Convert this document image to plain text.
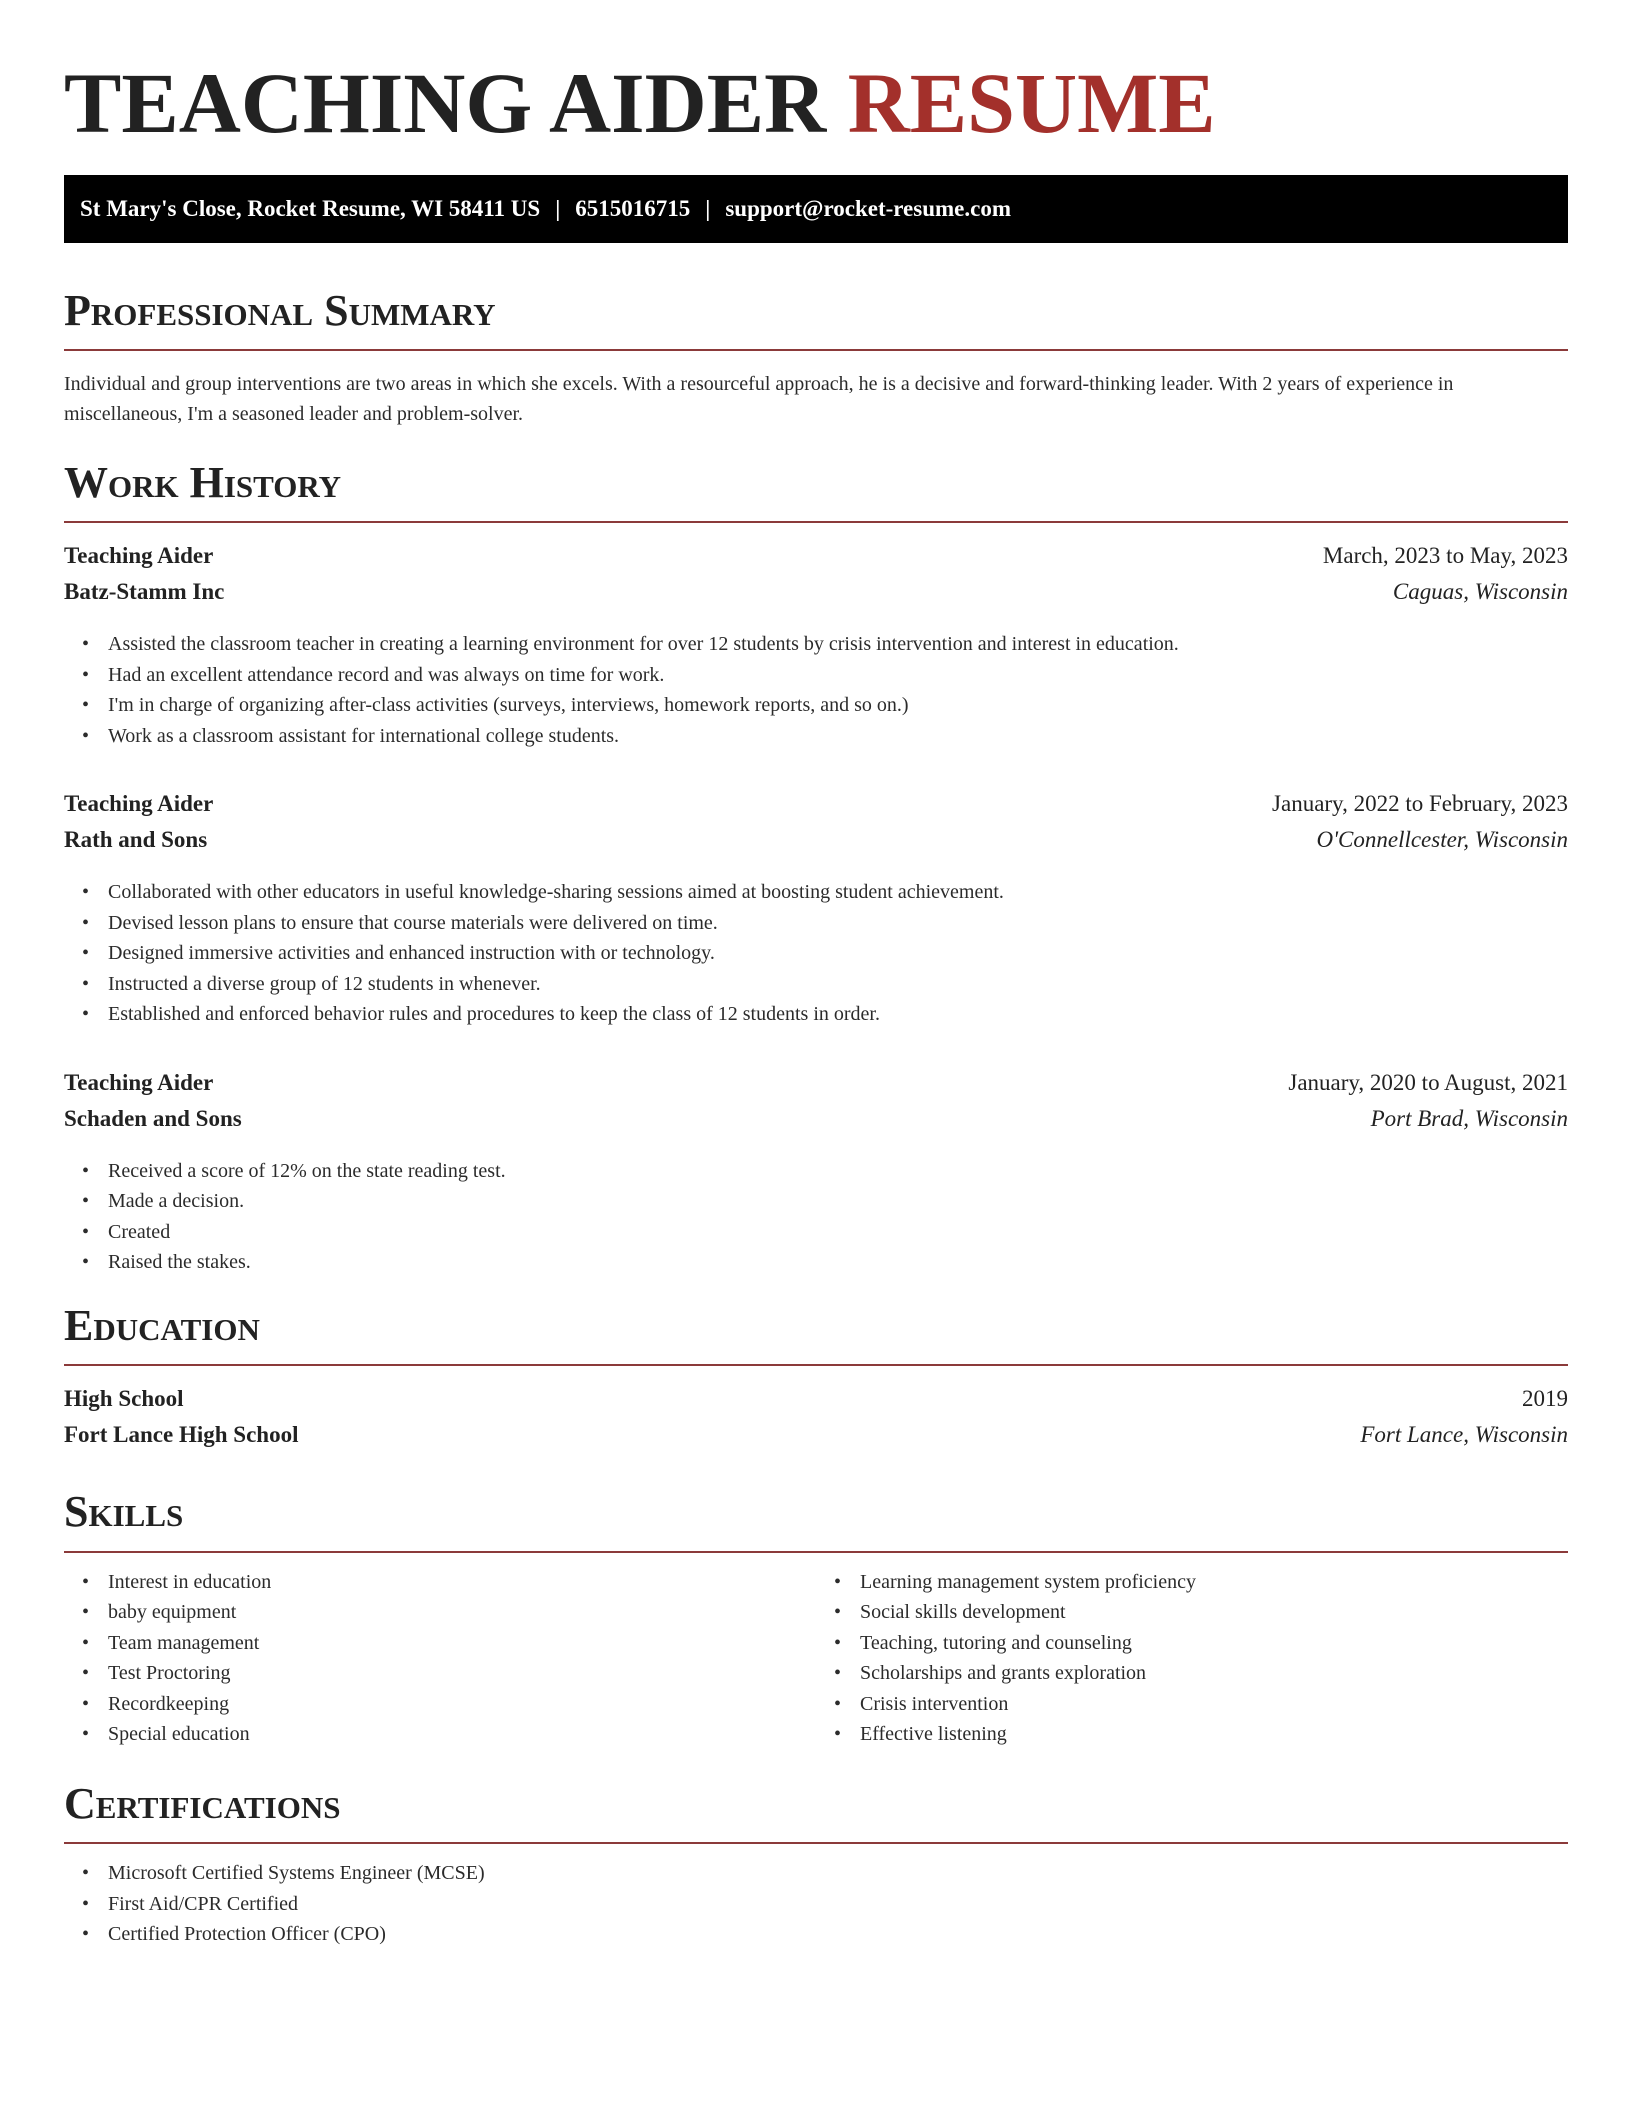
TEACHING AIDER RESUME
St Mary's Close, Rocket Resume, WI 58411 US | 6515016715 | support@rocket-resume.com
Professional Summary

Individual and group interventions are two areas in which she excels. With a resourceful approach, he is a decisive and forward-thinking leader. With 2 years of experience in miscellaneous, I'm a seasoned leader and problem-solver.

Work History
Teaching Aider	March, 2023 to May, 2023
Batz-Stamm Inc	Caguas, Wisconsin
• Assisted the classroom teacher in creating a learning environment for over 12 students by crisis intervention and interest in education.
• Had an excellent attendance record and was always on time for work.
• I'm in charge of organizing after-class activities (surveys, interviews, homework reports, and so on.)
• Work as a classroom assistant for international college students.
Teaching Aider	January, 2022 to February, 2023
Rath and Sons	O'Connellcester, Wisconsin
• Collaborated with other educators in useful knowledge-sharing sessions aimed at boosting student achievement.
• Devised lesson plans to ensure that course materials were delivered on time.
• Designed immersive activities and enhanced instruction with or technology.
• Instructed a diverse group of 12 students in whenever.
• Established and enforced behavior rules and procedures to keep the class of 12 students in order.
Teaching Aider	January, 2020 to August, 2021
Schaden and Sons	Port Brad, Wisconsin
• Received a score of 12% on the state reading test.
• Made a decision.
• Created
• Raised the stakes.
Education
High School	2019
Fort Lance High School	Fort Lance, Wisconsin
Skills
• Interest in education
• baby equipment
• Team management
• Test Proctoring
• Recordkeeping
• Special education
• Learning management system proficiency
• Social skills development
• Teaching, tutoring and counseling
• Scholarships and grants exploration
• Crisis intervention
• Effective listening
Certifications
• Microsoft Certified Systems Engineer (MCSE)
• First Aid/CPR Certified
• Certified Protection Officer (CPO)
